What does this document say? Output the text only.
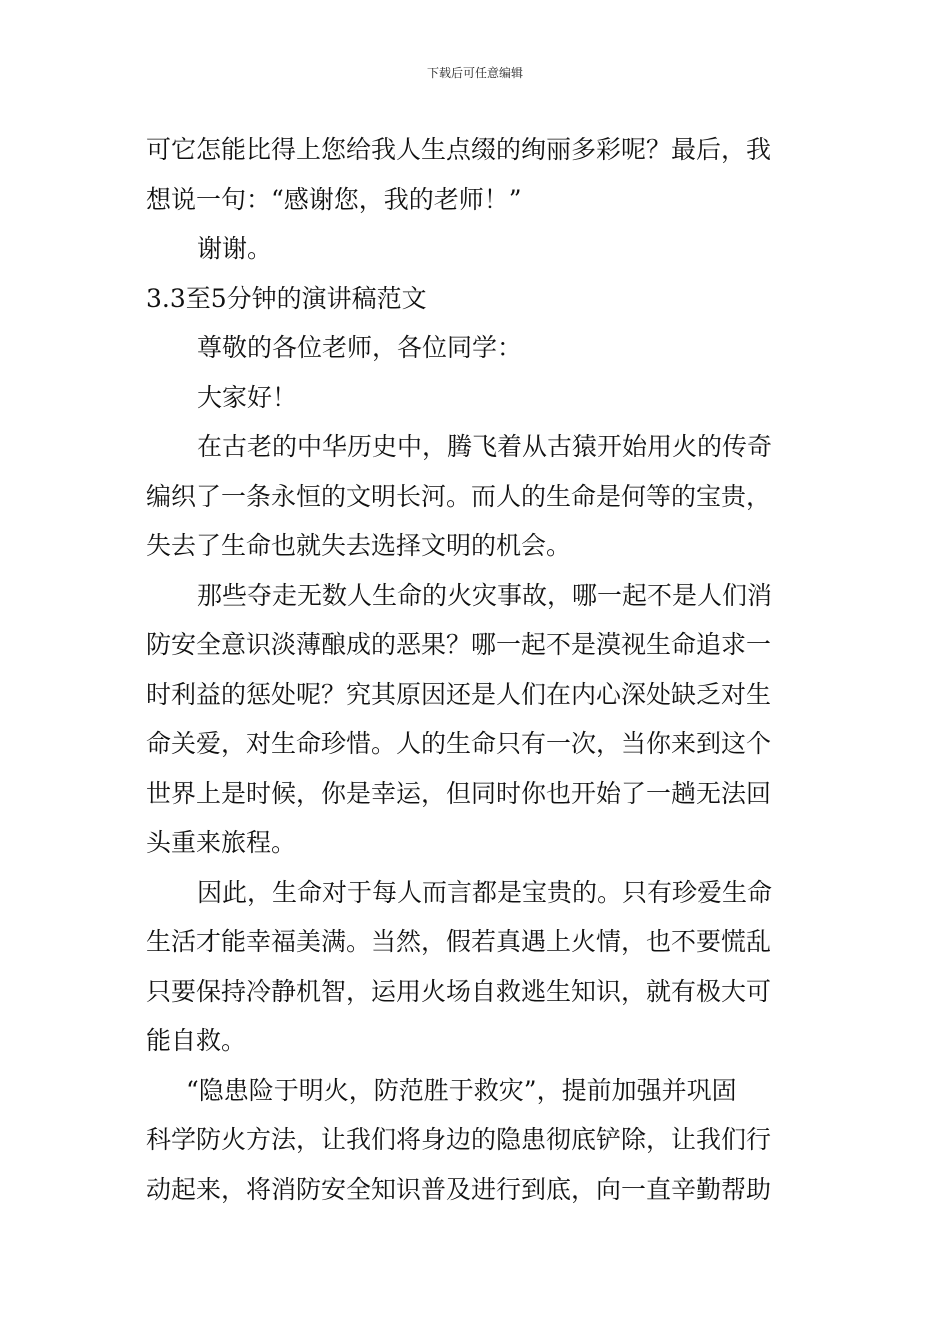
下载后可任意编辑
可它怎能比得上您给我人生点缀的绚丽多彩呢？最后，我
想说一句：“感谢您，我的老师！”
谢谢。
3.3至5分钟的演讲稿范文
尊敬的各位老师，各位同学：
大家好！
在古老的中华历史中，腾飞着从古猿开始用火的传奇
编织了一条永恒的文明长河。而人的生命是何等的宝贵，
失去了生命也就失去选择文明的机会。
那些夺走无数人生命的火灾事故，哪一起不是人们消
防安全意识淡薄酿成的恶果？哪一起不是漠视生命追求一
时利益的惩处呢？究其原因还是人们在内心深处缺乏对生
命关爱，对生命珍惜。人的生命只有一次，当你来到这个
世界上是时候，你是幸运，但同时你也开始了一趟无法回
头重来旅程。
因此，生命对于每人而言都是宝贵的。只有珍爱生命
生活才能幸福美满。当然，假若真遇上火情，也不要慌乱
只要保持冷静机智，运用火场自救逃生知识，就有极大可
能自救。
“隐患险于明火，防范胜于救灾”，提前加强并巩固
科学防火方法，让我们将身边的隐患彻底铲除，让我们行
动起来，将消防安全知识普及进行到底，向一直辛勤帮助
